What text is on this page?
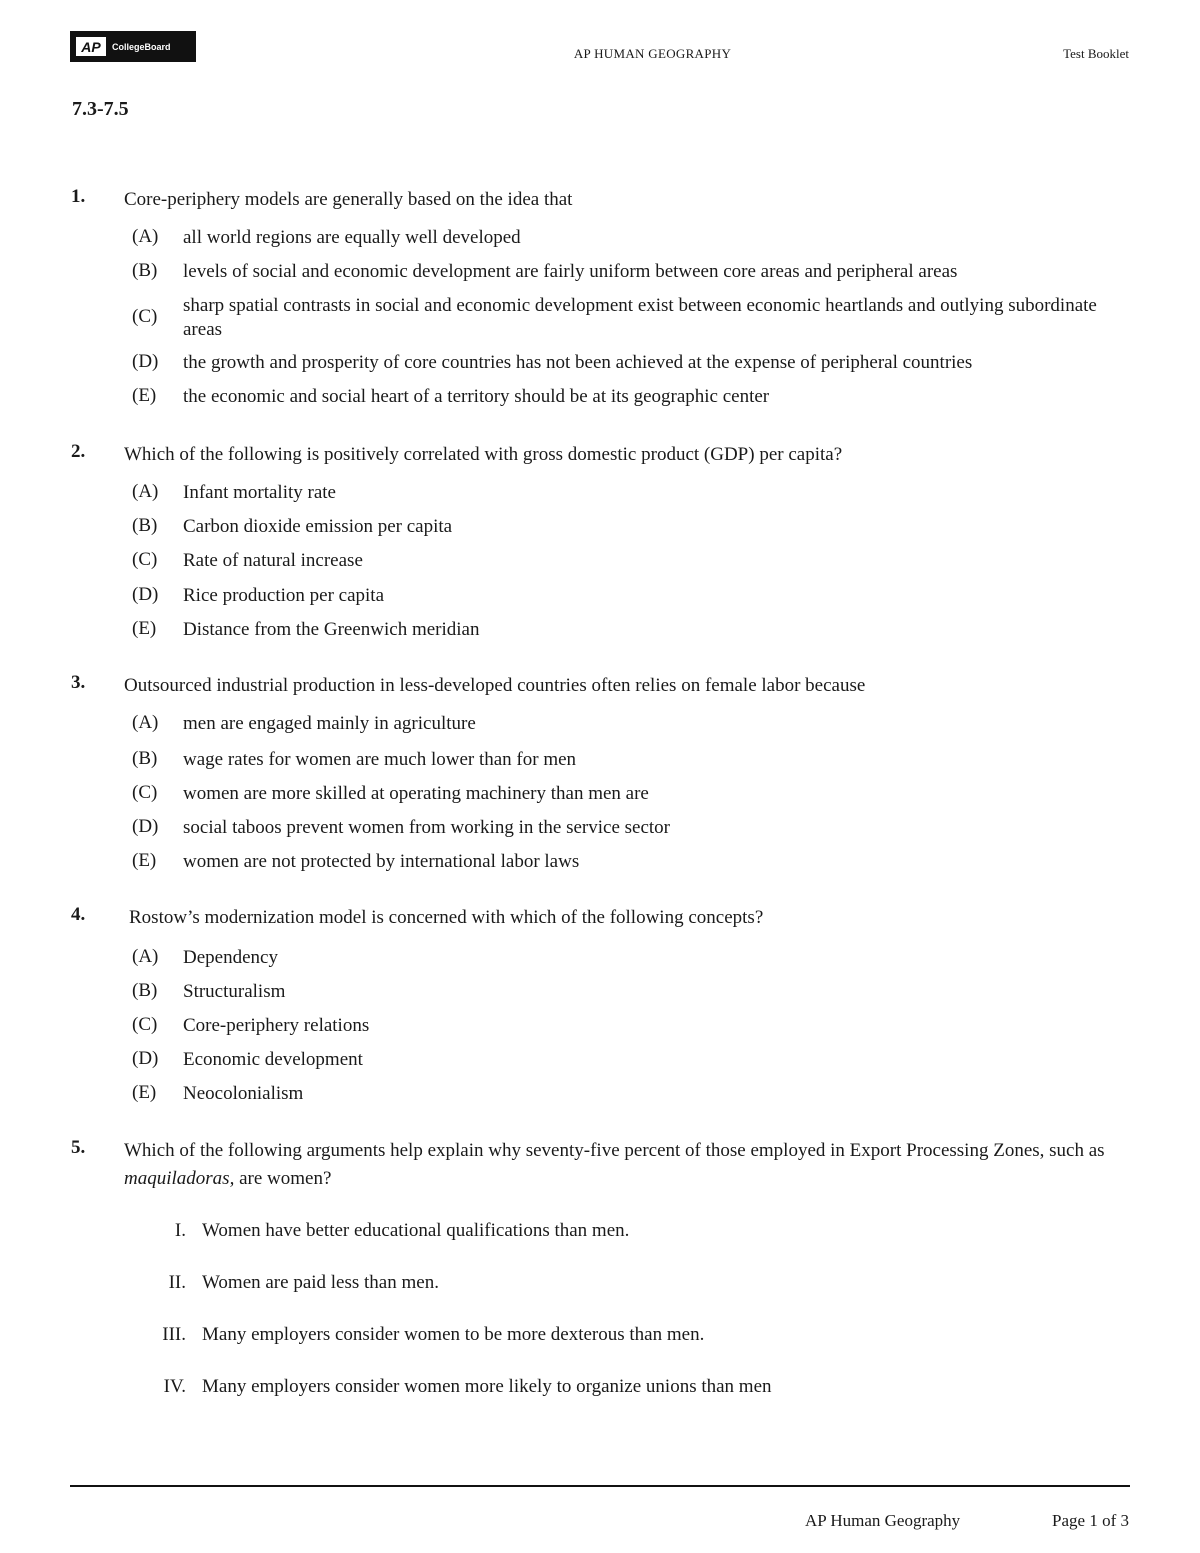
AP	CollegeBoard	AP HUMAN GEOGRAPHY	Test Booklet
7.3-7.5
1. Core-periphery models are generally based on the idea that
(A) all world regions are equally well developed
(B) levels of social and economic development are fairly uniform between core areas and peripheral areas
(C)
sharp spatial contrasts in social and economic development exist between economic heartlands and outlying subordinate areas
(D) the growth and prosperity of core countries has not been achieved at the expense of peripheral countries
(E) the economic and social heart of a territory should be at its geographic center
2. Which of the following is positively correlated with gross domestic product (GDP) per capita?
(A) Infant mortality rate
(B) Carbon dioxide emission per capita
(C) Rate of natural increase
(D) Rice production per capita
(E) Distance from the Greenwich meridian
3. Outsourced industrial production in less-developed countries often relies on female labor because
(A) men are engaged mainly in agriculture
(B) wage rates for women are much lower than for men
(C) women are more skilled at operating machinery than men are
(D) social taboos prevent women from working in the service sector
(E) women are not protected by international labor laws
4. Rostow’s modernization model is concerned with which of the following concepts?
(A) Dependency
(B) Structuralism
(C) Core-periphery relations
(D) Economic development
(E) Neocolonialism
5. Which of the following arguments help explain why seventy-five percent of those employed in Export Processing Zones, such as maquiladoras, are women?
I. Women have better educational qualifications than men.
II. Women are paid less than men.
III. Many employers consider women to be more dexterous than men.
IV. Many employers consider women more likely to organize unions than men
AP Human Geography	Page 1 of 3
